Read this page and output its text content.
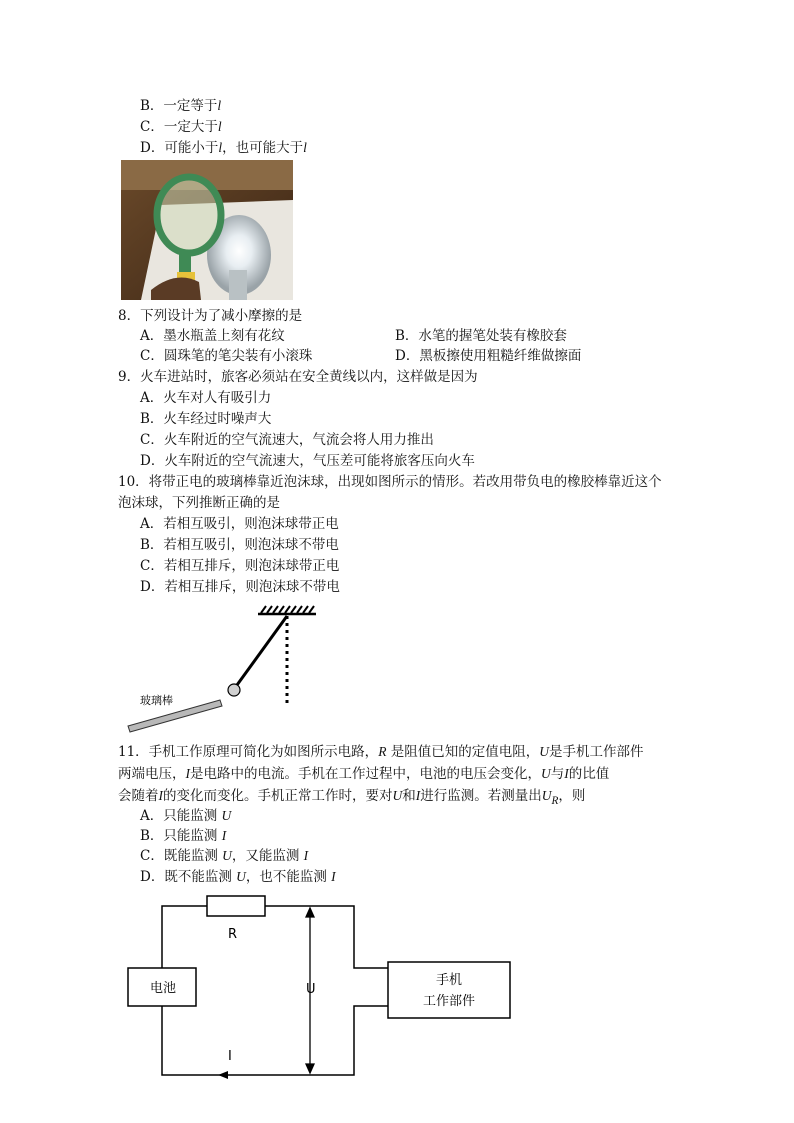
B．一定等于l
C．一定大于l
D．可能小于l，也可能大于l
8．下列设计为了减小摩擦的是
A．墨水瓶盖上刻有花纹	B．水笔的握笔处装有橡胶套
C．圆珠笔的笔尖装有小滚珠	D．黑板擦使用粗糙纤维做擦面
9．火车进站时，旅客必须站在安全黄线以内，这样做是因为
A．火车对人有吸引力
B．火车经过时噪声大
C．火车附近的空气流速大，气流会将人用力推出
D．火车附近的空气流速大，气压差可能将旅客压向火车
10．将带正电的玻璃棒靠近泡沫球，出现如图所示的情形。若改用带负电的橡胶棒靠近这个
泡沫球，下列推断正确的是
A．若相互吸引，则泡沫球带正电
B．若相互吸引，则泡沫球不带电
C．若相互排斥，则泡沫球带正电
D．若相互排斥，则泡沫球不带电
玻璃棒
11．手机工作原理可简化为如图所示电路，R 是阻值已知的定值电阻，U是手机工作部件
两端电压，I是电路中的电流。手机在工作过程中，电池的电压会变化，U与I的比值
会随着I的变化而变化。手机正常工作时，要对U和I进行监测。若测量出$U_R$，则
A．只能监测 U
B．只能监测 I
C．既能监测 U，又能监测 I
D．既不能监测 U，也不能监测 I
R
电池	U
I
手机
工作部件
